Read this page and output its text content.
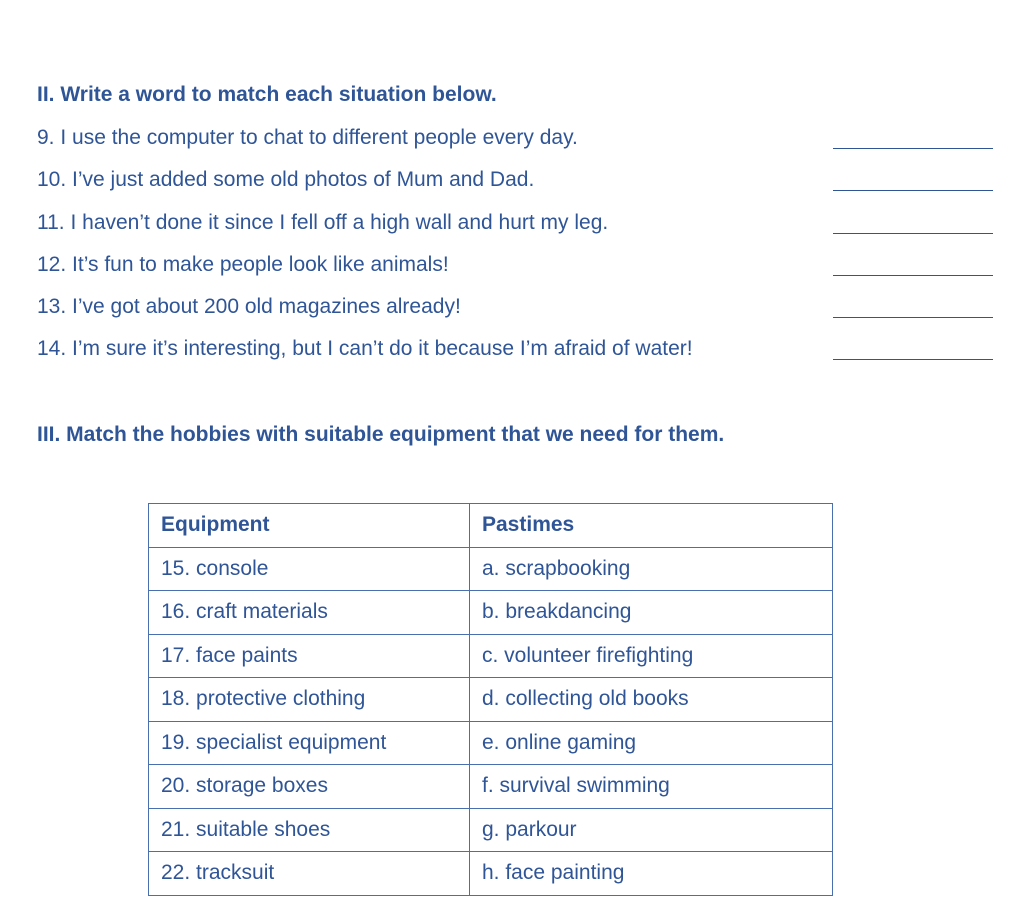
II. Write a word to match each situation below.
9. I use the computer to chat to different people every day.
10. I’ve just added some old photos of Mum and Dad.
11. I haven’t done it since I fell off a high wall and hurt my leg.
12. It’s fun to make people look like animals!
13. I’ve got about 200 old magazines already!
14. I’m sure it’s interesting, but I can’t do it because I’m afraid of water!
III. Match the hobbies with suitable equipment that we need for them.
Equipment	Pastimes
15. console	a. scrapbooking
16. craft materials	b. breakdancing
17. face paints	c. volunteer firefighting
18. protective clothing	d. collecting old books
19. specialist equipment	e. online gaming
20. storage boxes	f. survival swimming
21. suitable shoes	g. parkour
22. tracksuit	h. face painting
